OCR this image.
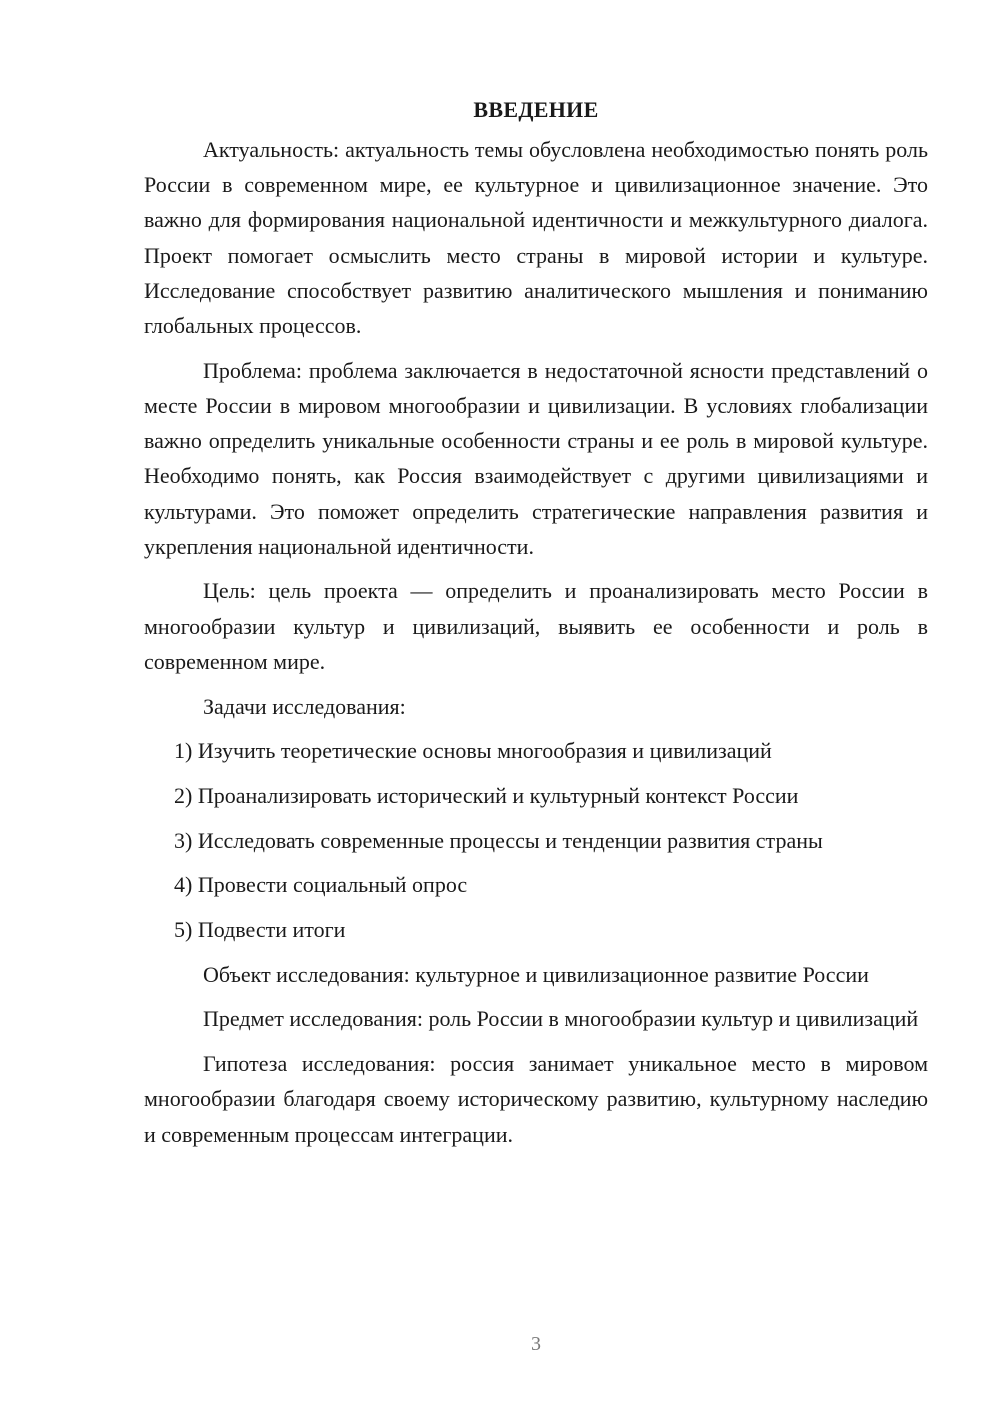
ВВЕДЕНИЕ

Актуальность: актуальность темы обусловлена необходимостью понять роль России в современном мире, ее культурное и цивилизационное значение. Это важно для формирования национальной идентичности и межкультурного диалога. Проект помогает осмыслить место страны в мировой истории и культуре. Исследование способствует развитию аналитического мышления и пониманию глобальных процессов.

Проблема: проблема заключается в недостаточной ясности представлений о месте России в мировом многообразии и цивилизации. В условиях глобализации важно определить уникальные особенности страны и ее роль в мировой культуре. Необходимо понять, как Россия взаимодействует с другими цивилизациями и культурами. Это поможет определить стратегические направления развития и укрепления национальной идентичности.

Цель: цель проекта — определить и проанализировать место России в многообразии культур и цивилизаций, выявить ее особенности и роль в современном мире.

Задачи исследования:

1) Изучить теоретические основы многообразия и цивилизаций
2) Проанализировать исторический и культурный контекст России
3) Исследовать современные процессы и тенденции развития страны
4) Провести социальный опрос
5) Подвести итоги

Объект исследования: культурное и цивилизационное развитие России

Предмет исследования: роль России в многообразии культур и цивилизаций

Гипотеза исследования: россия занимает уникальное место в мировом многообразии благодаря своему историческому развитию, культурному наследию и современным процессам интеграции.

3
